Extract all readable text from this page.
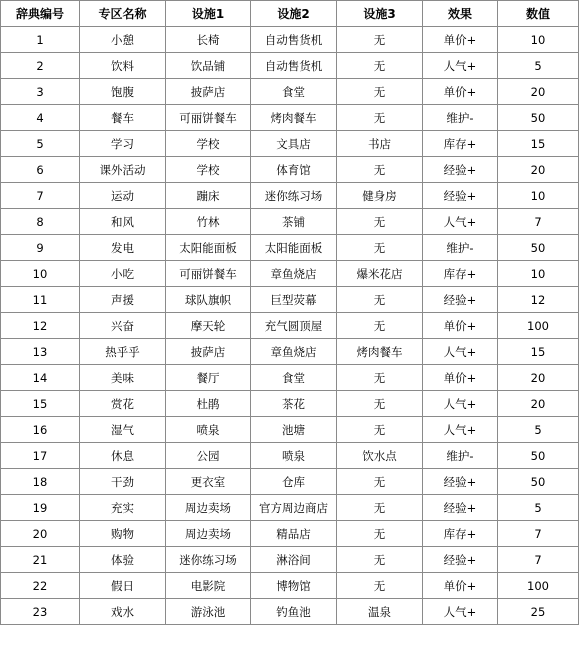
辞典编号	专区名称	设施1	设施2	设施3	效果	数值
1	小憩	长椅	自动售货机	无	单价+	10
2	饮料	饮品铺	自动售货机	无	人气+	5
3	饱腹	披萨店	食堂	无	单价+	20
4	餐车	可丽饼餐车	烤肉餐车	无	维护-	50
5	学习	学校	文具店	书店	库存+	15
6	课外活动	学校	体育馆	无	经验+	20
7	运动	蹦床	迷你练习场	健身房	经验+	10
8	和风	竹林	茶铺	无	人气+	7
9	发电	太阳能面板	太阳能面板	无	维护-	50
10	小吃	可丽饼餐车	章鱼烧店	爆米花店	库存+	10
11	声援	球队旗帜	巨型荧幕	无	经验+	12
12	兴奋	摩天轮	充气圆顶屋	无	单价+	100
13	热乎乎	披萨店	章鱼烧店	烤肉餐车	人气+	15
14	美味	餐厅	食堂	无	单价+	20
15	赏花	杜鹃	茶花	无	人气+	20
16	湿气	喷泉	池塘	无	人气+	5
17	休息	公园	喷泉	饮水点	维护-	50
18	干劲	更衣室	仓库	无	经验+	50
19	充实	周边卖场	官方周边商店	无	经验+	5
20	购物	周边卖场	精品店	无	库存+	7
21	体验	迷你练习场	淋浴间	无	经验+	7
22	假日	电影院	博物馆	无	单价+	100
23	戏水	游泳池	钓鱼池	温泉	人气+	25
